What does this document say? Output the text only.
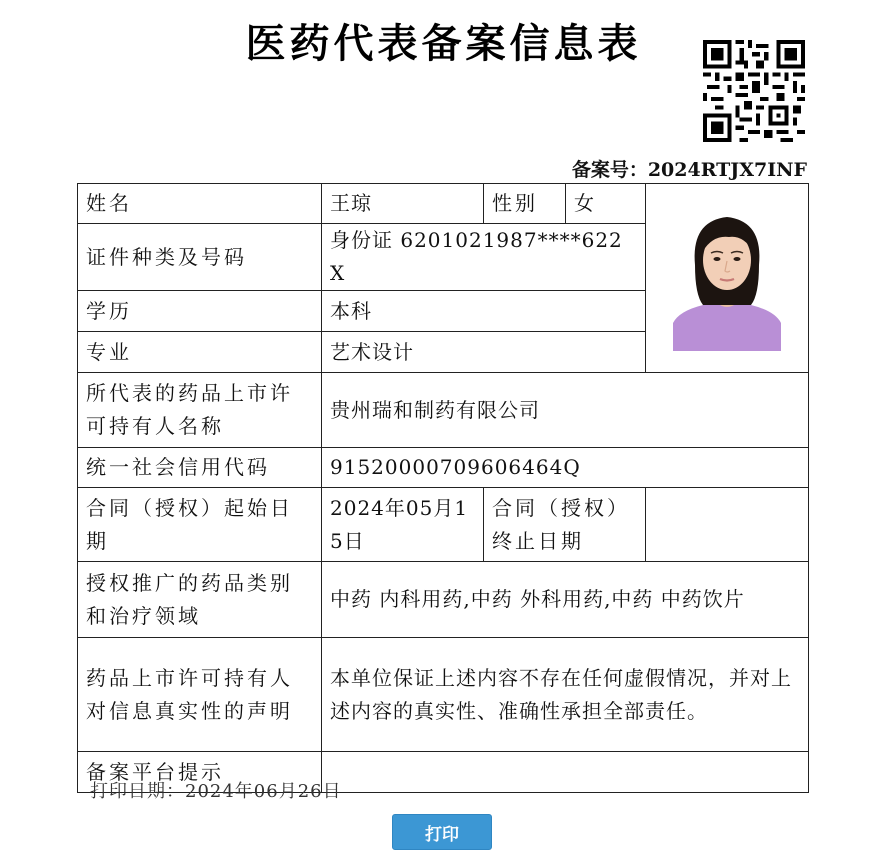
医药代表备案信息表
备案号：2024RTJX7INF
姓名	王琼	性别	女	

证件种类及号码	身份证 6201021987****622X			
学历	本科			
专业	艺术设计			
所代表的药品上市许可持有人名称	贵州瑞和制药有限公司			
统一社会信用代码	91520000709606464Q			
合同（授权）起始日期	2024年05月15日	合同（授权）终止日期		
授权推广的药品类别和治疗领域	中药 内科用药,中药 外科用药,中药 中药饮片			
药品上市许可持有人对信息真实性的声明	本单位保证上述内容不存在任何虚假情况，并对上述内容的真实性、准确性承担全部责任。			
备案平台提示				
打印日期：2024年06月26日
打印
